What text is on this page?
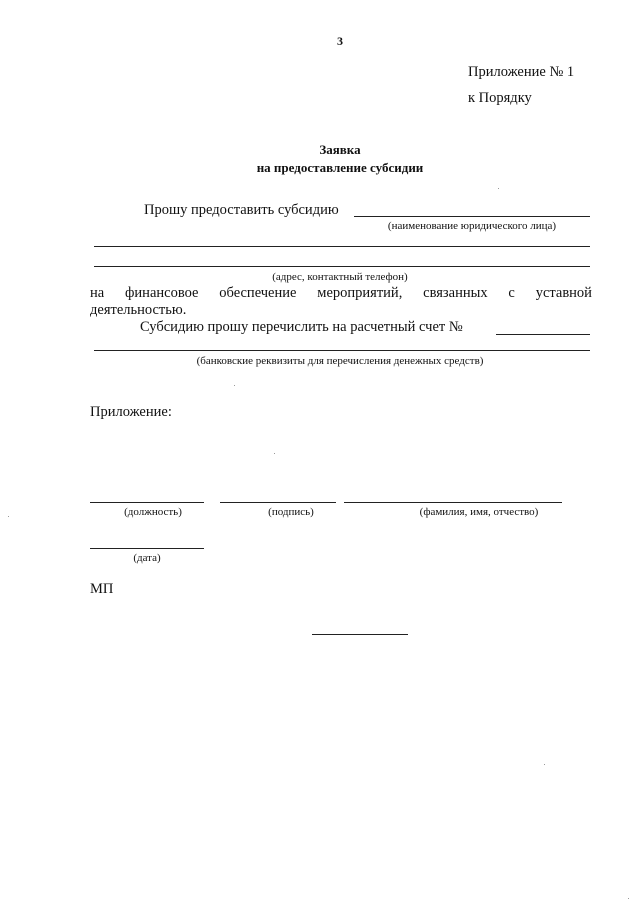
3
Приложение № 1
к Порядку
Заявка
на предоставление субсидии
Прошу предоставить субсидию
(наименование юридического лица)
(адрес, контактный телефон)
на финансовое обеспечение мероприятий, связанных с уставной
деятельностью.
Субсидию прошу перечислить на расчетный счет №
(банковские реквизиты для перечисления денежных средств)
Приложение:
(должность)	(подпись)	(фамилия, имя, отчество)
(дата)
МП
